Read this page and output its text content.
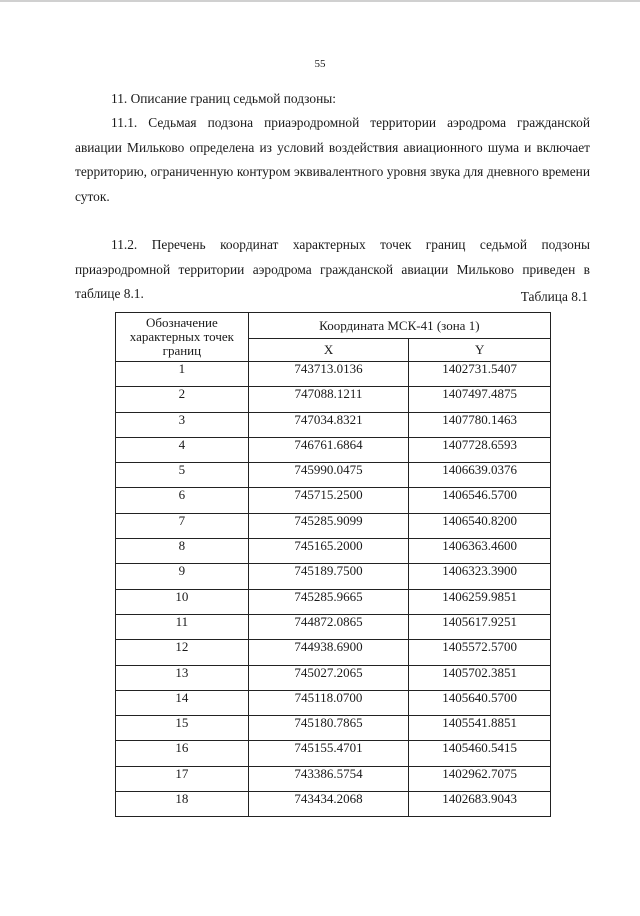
55
11. Описание границ седьмой подзоны:
11.1. Седьмая подзона приаэродромной территории аэродрома гражданской авиации Мильково определена из условий воздействия авиационного шума и включает территорию, ограниченную контуром эквивалентного уровня звука для дневного времени суток.
11.2. Перечень координат характерных точек границ седьмой подзоны приаэродромной территории аэродрома гражданской авиации Мильково приведен в таблице 8.1.	Таблица 8.1
Обозначение характерных точек границ	Координата МСК-41 (зона 1)	
	X	Y
1	743713.0136	1402731.5407
2	747088.1211	1407497.4875
3	747034.8321	1407780.1463
4	746761.6864	1407728.6593
5	745990.0475	1406639.0376
6	745715.2500	1406546.5700
7	745285.9099	1406540.8200
8	745165.2000	1406363.4600
9	745189.7500	1406323.3900
10	745285.9665	1406259.9851
11	744872.0865	1405617.9251
12	744938.6900	1405572.5700
13	745027.2065	1405702.3851
14	745118.0700	1405640.5700
15	745180.7865	1405541.8851
16	745155.4701	1405460.5415
17	743386.5754	1402962.7075
18	743434.2068	1402683.9043
